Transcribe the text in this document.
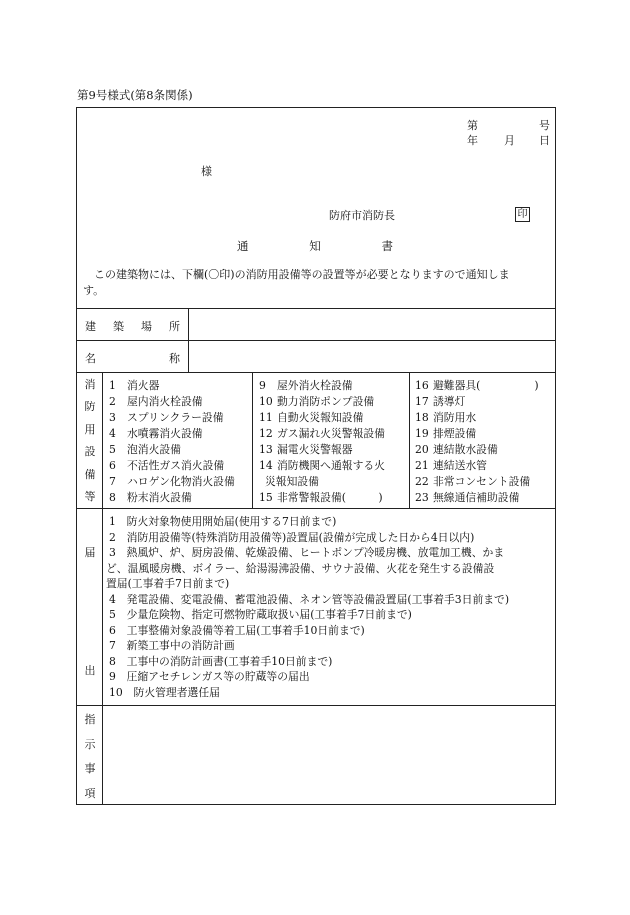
第9号様式(第8条関係)
第	号
年 月 日
様
防府市消防長	印
通	知	書
この建築物には、下欄(〇印)の消防用設備等の設置等が必要となりますので通知しま
す。
建 築 場 所
名	称
消
防
用
設
備
等
1 消火器
2 屋内消火栓設備
3 スプリンクラー設備
4 水噴霧消火設備
5 泡消火設備
6 不活性ガス消火設備
7 ハロゲン化物消火設備
8 粉末消火設備
9 屋外消火栓設備
10 動力消防ポンプ設備
11 自動火災報知設備
12 ガス漏れ火災警報設備
13 漏電火災警報器
14 消防機関へ通報する火
災報知設備
15 非常警報設備(　　　)
16 避難器具(　　　　　)
17 誘導灯
18 消防用水
19 排煙設備
20 連結散水設備
21 連結送水管
22 非常コンセント設備
23 無線通信補助設備
届
出
1　防火対象物使用開始届(使用する7日前まで)
2　消防用設備等(特殊消防用設備等)設置届(設備が完成した日から4日以内)
3　熱風炉、炉、厨房設備、乾燥設備、ヒートポンプ冷暖房機、放電加工機、かま
ど、温風暖房機、ボイラー、給湯湯沸設備、サウナ設備、火花を発生する設備設
置届(工事着手7日前まで)
4　発電設備、変電設備、蓄電池設備、ネオン管等設備設置届(工事着手3日前まで)
5　少量危険物、指定可燃物貯蔵取扱い届(工事着手7日前まで)
6　工事整備対象設備等着工届(工事着手10日前まで)
7　新築工事中の消防計画
8　工事中の消防計画書(工事着手10日前まで)
9　圧縮アセチレンガス等の貯蔵等の届出
10　防火管理者選任届
指
示
事
項
